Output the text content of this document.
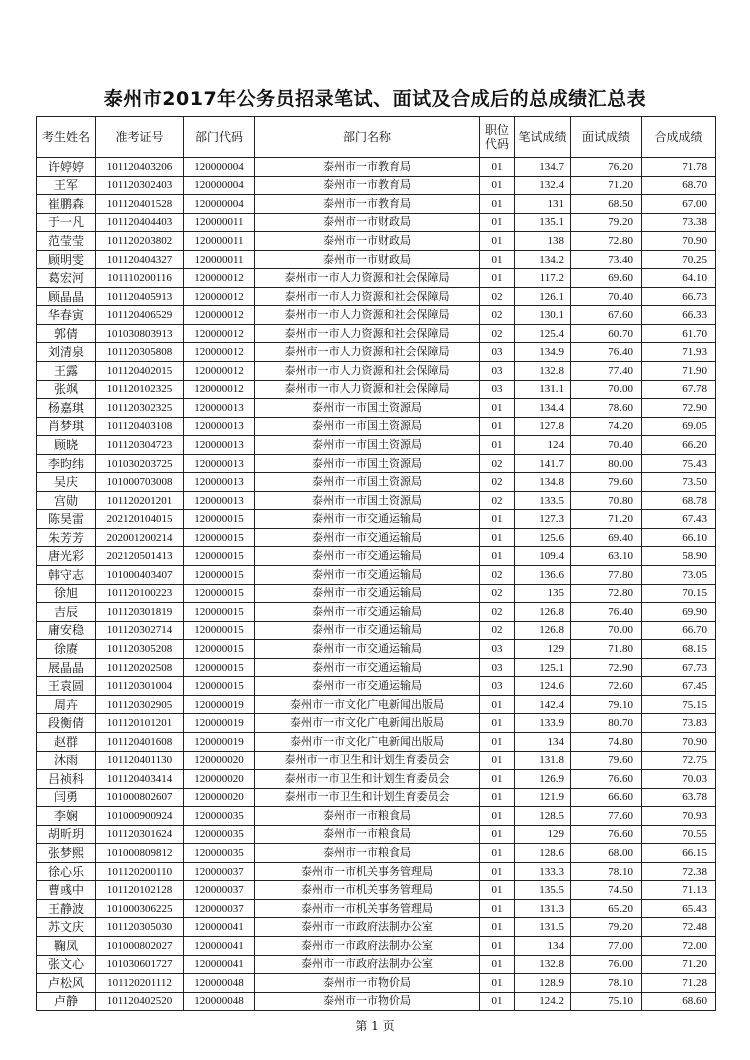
泰州市2017年公务员招录笔试、面试及合成后的总成绩汇总表
考生姓名	准考证号	部门代码	部门名称	职位代码	笔试成绩	面试成绩	合成成绩
许婷婷	101120403206	120000004	泰州市一市教育局	01	134.7	76.20	71.78
王军	101120302403	120000004	泰州市一市教育局	01	132.4	71.20	68.70
崔鹏森	101120401528	120000004	泰州市一市教育局	01	131	68.50	67.00
于一凡	101120404403	120000011	泰州市一市财政局	01	135.1	79.20	73.38
范莹莹	101120203802	120000011	泰州市一市财政局	01	138	72.80	70.90
顾明雯	101120404327	120000011	泰州市一市财政局	01	134.2	73.40	70.25
葛宏河	101110200116	120000012	泰州市一市人力资源和社会保障局	01	117.2	69.60	64.10
顾晶晶	101120405913	120000012	泰州市一市人力资源和社会保障局	02	126.1	70.40	66.73
华春寅	101120406529	120000012	泰州市一市人力资源和社会保障局	02	130.1	67.60	66.33
郭倩	101030803913	120000012	泰州市一市人力资源和社会保障局	02	125.4	60.70	61.70
刘清泉	101120305808	120000012	泰州市一市人力资源和社会保障局	03	134.9	76.40	71.93
王露	101120402015	120000012	泰州市一市人力资源和社会保障局	03	132.8	77.40	71.90
张飒	101120102325	120000012	泰州市一市人力资源和社会保障局	03	131.1	70.00	67.78
杨嘉琪	101120302325	120000013	泰州市一市国土资源局	01	134.4	78.60	72.90
肖梦琪	101120403108	120000013	泰州市一市国土资源局	01	127.8	74.20	69.05
顾晓	101120304723	120000013	泰州市一市国土资源局	01	124	70.40	66.20
李昀纬	101030203725	120000013	泰州市一市国土资源局	02	141.7	80.00	75.43
吴庆	101000703008	120000013	泰州市一市国土资源局	02	134.8	79.60	73.50
宫勋	101120201201	120000013	泰州市一市国土资源局	02	133.5	70.80	68.78
陈昊雷	202120104015	120000015	泰州市一市交通运输局	01	127.3	71.20	67.43
朱芳芳	202001200214	120000015	泰州市一市交通运输局	01	125.6	69.40	66.10
唐光彩	202120501413	120000015	泰州市一市交通运输局	01	109.4	63.10	58.90
韩守志	101000403407	120000015	泰州市一市交通运输局	02	136.6	77.80	73.05
徐旭	101120100223	120000015	泰州市一市交通运输局	02	135	72.80	70.15
吉辰	101120301819	120000015	泰州市一市交通运输局	02	126.8	76.40	69.90
庸安稳	101120302714	120000015	泰州市一市交通运输局	02	126.8	70.00	66.70
徐赓	101120305208	120000015	泰州市一市交通运输局	03	129	71.80	68.15
展晶晶	101120202508	120000015	泰州市一市交通运输局	03	125.1	72.90	67.73
王袁圆	101120301004	120000015	泰州市一市交通运输局	03	124.6	72.60	67.45
周卉	101120302905	120000019	泰州市一市文化广电新闻出版局	01	142.4	79.10	75.15
段衡倩	101120101201	120000019	泰州市一市文化广电新闻出版局	01	133.9	80.70	73.83
赵群	101120401608	120000019	泰州市一市文化广电新闻出版局	01	134	74.80	70.90
沐雨	101120401130	120000020	泰州市一市卫生和计划生育委员会	01	131.8	79.60	72.75
吕祯科	101120403414	120000020	泰州市一市卫生和计划生育委员会	01	126.9	76.60	70.03
闫勇	101000802607	120000020	泰州市一市卫生和计划生育委员会	01	121.9	66.60	63.78
李娴	101000900924	120000035	泰州市一市粮食局	01	128.5	77.60	70.93
胡昕玥	101120301624	120000035	泰州市一市粮食局	01	129	76.60	70.55
张梦熙	101000809812	120000035	泰州市一市粮食局	01	128.6	68.00	66.15
徐心乐	101120200110	120000037	泰州市一市机关事务管理局	01	133.3	78.10	72.38
曹彧中	101120102128	120000037	泰州市一市机关事务管理局	01	135.5	74.50	71.13
王静波	101000306225	120000037	泰州市一市机关事务管理局	01	131.3	65.20	65.43
苏文庆	101120305030	120000041	泰州市一市政府法制办公室	01	131.5	79.20	72.48
鞠凤	101000802027	120000041	泰州市一市政府法制办公室	01	134	77.00	72.00
张文心	101030601727	120000041	泰州市一市政府法制办公室	01	132.8	76.00	71.20
卢松风	101120201112	120000048	泰州市一市物价局	01	128.9	78.10	71.28
卢静	101120402520	120000048	泰州市一市物价局	01	124.2	75.10	68.60
第 1 页
